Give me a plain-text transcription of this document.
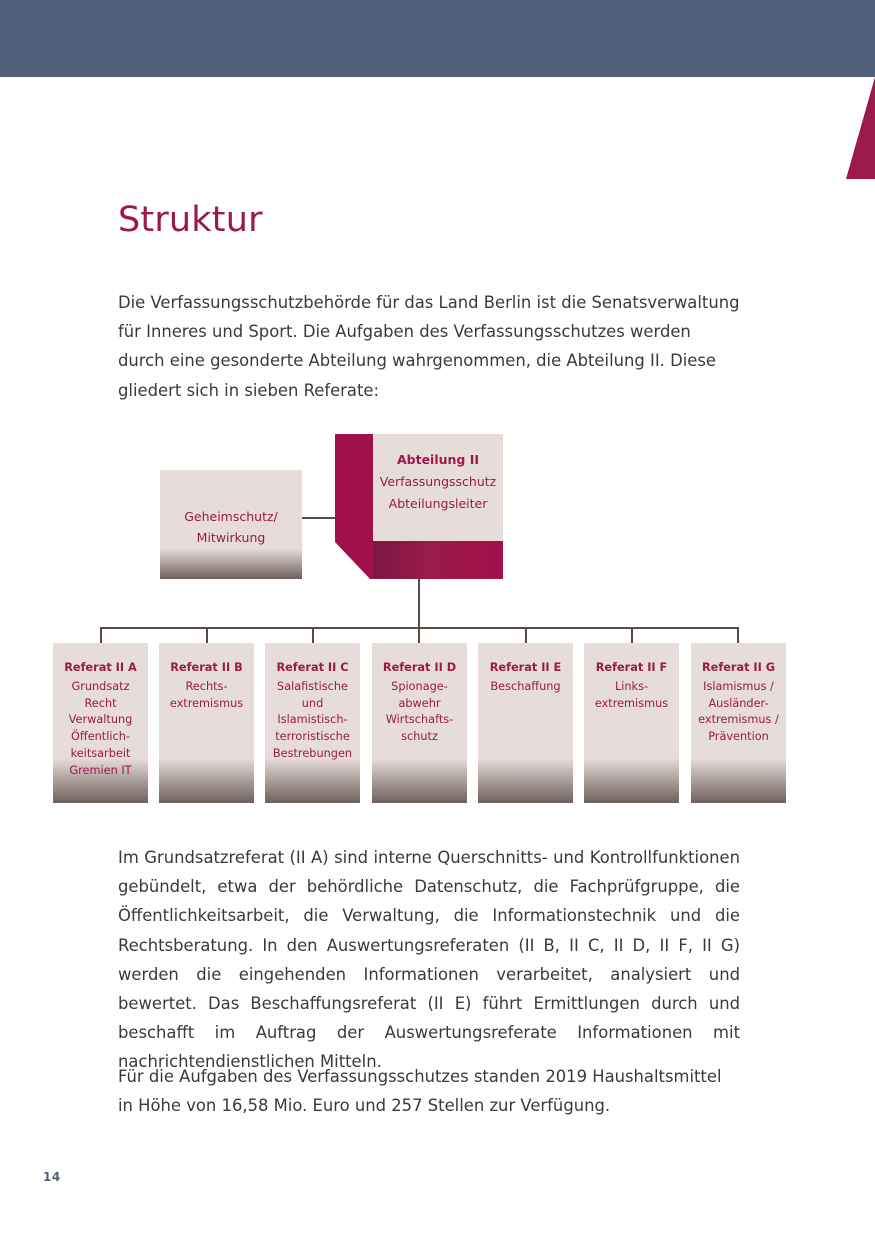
Struktur

Die Verfassungsschutzbehörde für das Land Berlin ist die Senatsverwaltung für Inneres und Sport. Die Aufgaben des Verfassungsschutzes werden durch eine gesonderte Abteilung wahrgenommen, die Abteilung II. Diese gliedert sich in sieben Referate:

Geheimschutz/
Mitwirkung
Abteilung II
Verfassungsschutz
Abteilungsleiter
Referat II A
Grundsatz
Recht
Verwaltung
Öffentlich-
keitsarbeit
Gremien IT
Referat II B
Rechts-
extremismus
Referat II C
Salafistische
und
Islamistisch-
terroristische
Bestrebungen
Referat II D
Spionage-
abwehr
Wirtschafts-
schutz
Referat II E
Beschaffung
Referat II F
Links-
extremismus
Referat II G
Islamismus /
Ausländer-
extremismus /
Prävention

Im Grundsatzreferat (II A) sind interne Querschnitts- und Kontrollfunktionen gebündelt, etwa der behördliche Datenschutz, die Fachprüfgruppe, die Öffentlichkeitsarbeit, die Verwaltung, die Informationstechnik und die Rechtsberatung. In den Auswertungsreferaten (II B, II C, II D, II F, II G) werden die eingehenden Informationen verarbeitet, analysiert und bewertet. Das Beschaffungsreferat (II E) führt Ermittlungen durch und beschafft im Auftrag der Auswertungsreferate Informationen mit nachrichtendienstlichen Mitteln.

Für die Aufgaben des Verfassungsschutzes standen 2019 Haushaltsmittel in Höhe von 16,58 Mio. Euro und 257 Stellen zur Verfügung.

14
